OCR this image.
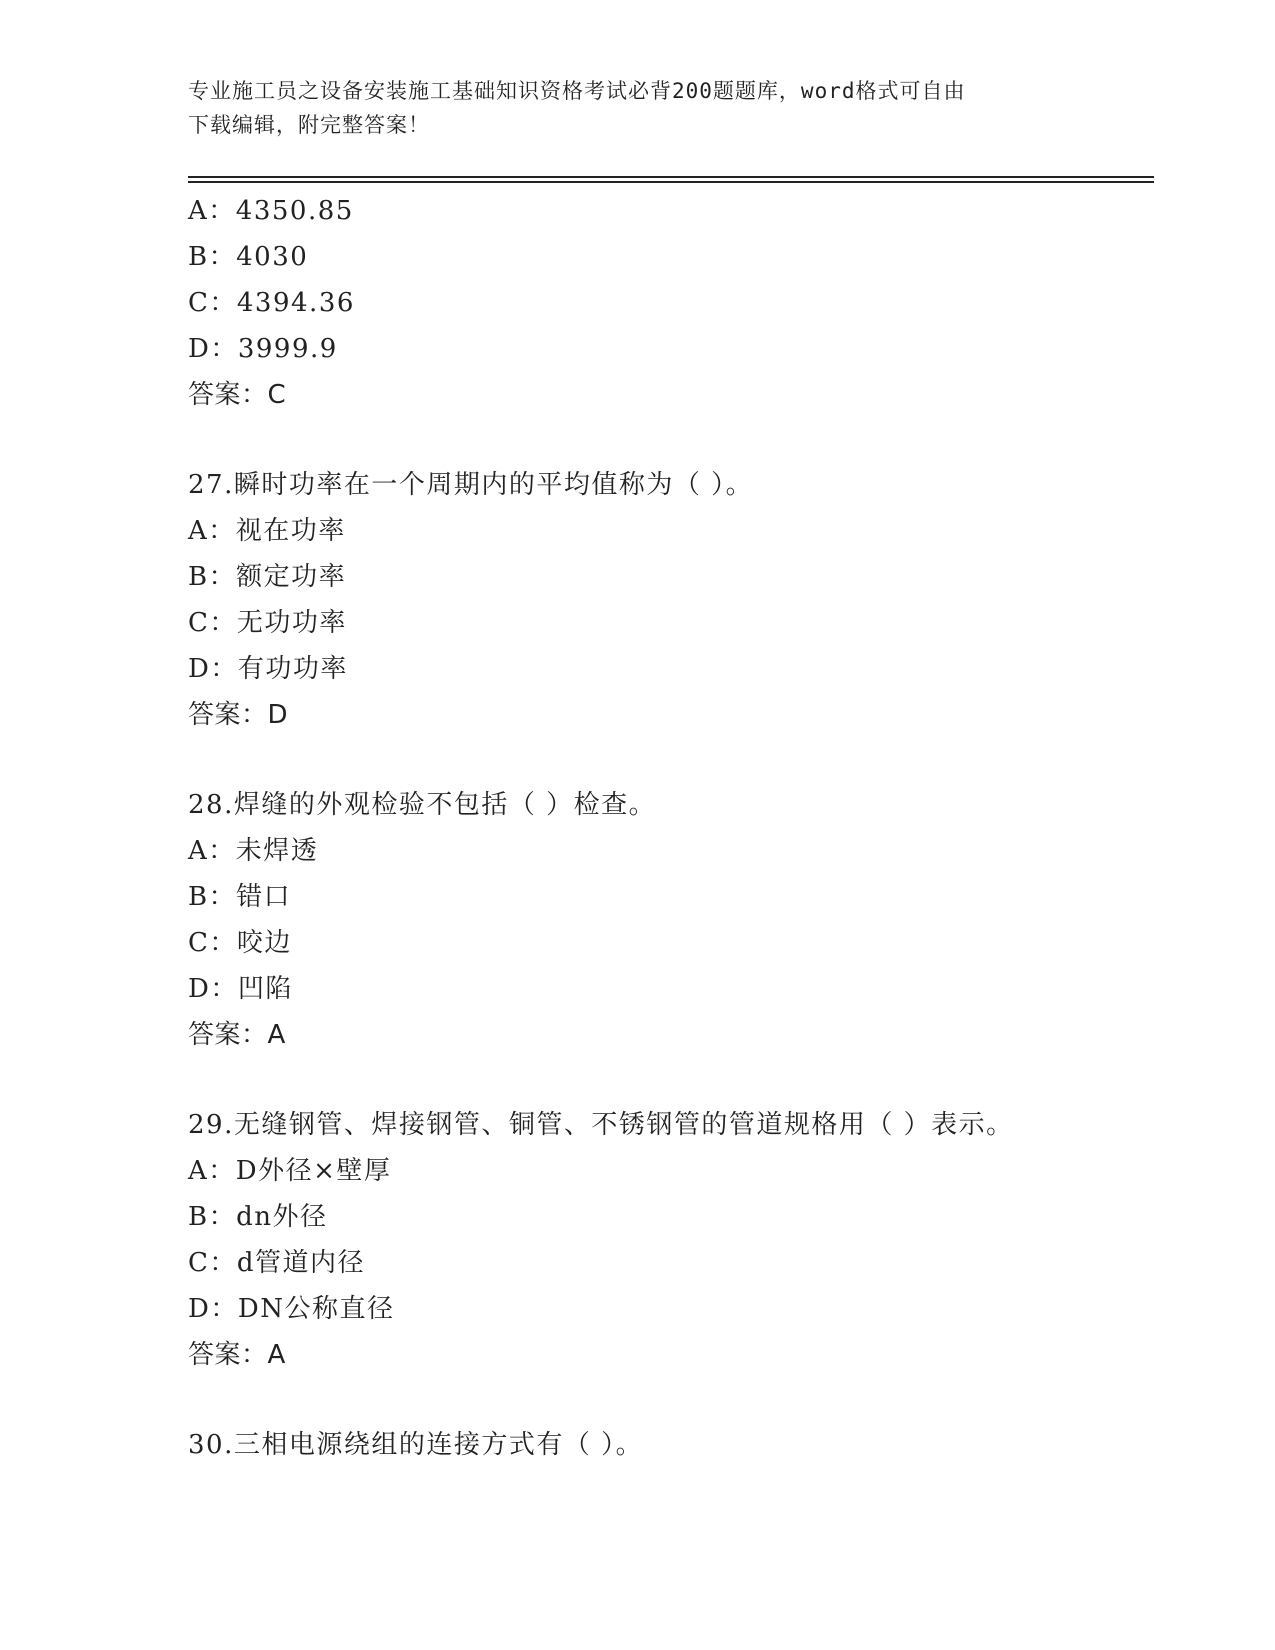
专业施工员之设备安装施工基础知识资格考试必背200题题库，word格式可自由
下载编辑，附完整答案！
A：4350.85
B：4030
C：4394.36
D：3999.9
答案：C
27.瞬时功率在一个周期内的平均值称为（ ）。
A：视在功率
B：额定功率
C：无功功率
D：有功功率
答案：D
28.焊缝的外观检验不包括（ ）检查。
A：未焊透
B：错口
C：咬边
D：凹陷
答案：A
29.无缝钢管、焊接钢管、铜管、不锈钢管的管道规格用（ ）表示。
A：D外径×壁厚
B：dn外径
C：d管道内径
D：DN公称直径
答案：A
30.三相电源绕组的连接方式有（ ）。
